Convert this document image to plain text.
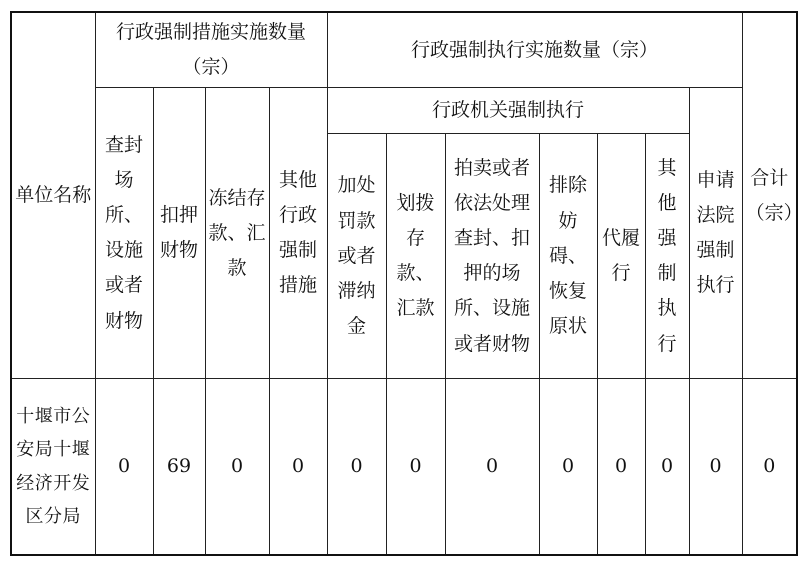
单位名称	行政强制措施实施数量（宗）				行政强制执行实施数量（宗）							合计（宗）
	查封场所、设施或者财物	扣押财物	冻结存款、汇款	其他行政强制措施	行政机关强制执行						申请法院强制执行	
					加处罚款或者滞纳金	划拨存款、汇款	拍卖或者依法处理查封、扣押的场所、设施或者财物	排除妨碍、恢复原状	代履行	其他强制执行		
十堰市公安局十堰经济开发区分局	0	69	0	0	0	0	0	0	0	0	0	0
